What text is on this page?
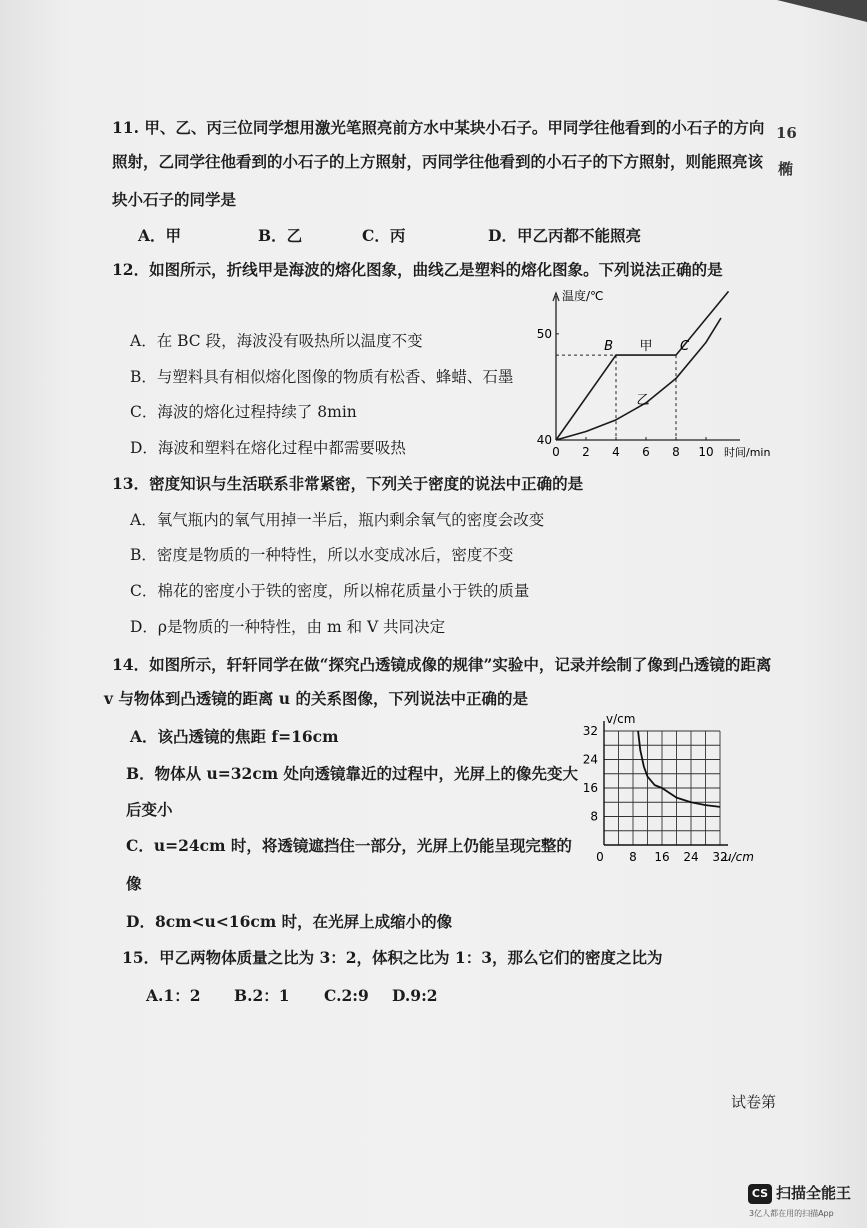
11. 甲、乙、丙三位同学想用激光笔照亮前方水中某块小石子。甲同学往他看到的小石子的方向
照射，乙同学往他看到的小石子的上方照射，丙同学往他看到的小石子的下方照射，则能照亮该
块小石子的同学是
A．甲	B．乙	C．丙	D．甲乙丙都不能照亮
12．如图所示，折线甲是海波的熔化图象，曲线乙是塑料的熔化图象。下列说法正确的是
A．在 BC 段，海波没有吸热所以温度不变
B．与塑料具有相似熔化图像的物质有松香、蜂蜡、石墨
C．海波的熔化过程持续了 8min
D．海波和塑料在熔化过程中都需要吸热
温度/℃
时间/min
0 2 4 6 8 10
40
50
B	C
甲
乙
13．密度知识与生活联系非常紧密，下列关于密度的说法中正确的是
A．氧气瓶内的氧气用掉一半后，瓶内剩余氧气的密度会改变
B．密度是物质的一种特性，所以水变成冰后，密度不变
C．棉花的密度小于铁的密度，所以棉花质量小于铁的质量
D．ρ是物质的一种特性，由 m 和 V 共同决定
14．如图所示，轩轩同学在做“探究凸透镜成像的规律”实验中，记录并绘制了像到凸透镜的距离
v 与物体到凸透镜的距离 u 的关系图像，下列说法中正确的是
A．该凸透镜的焦距 f=16cm
B．物体从 u=32cm 处向透镜靠近的过程中，光屏上的像先变大
后变小
C．u=24cm 时，将透镜遮挡住一部分，光屏上仍能呈现完整的
像
D．8cm<u<16cm 时，在光屏上成缩小的像
v/cm
u/cm
0 8 16 24 32
8
16
24
32
15．甲乙两物体质量之比为 3：2，体积之比为 1：3，那么它们的密度之比为
A.1：2 B.2：1 C.2:9 D.9:2
16
椭
试卷第
CS 扫描全能王
3亿人都在用的扫描App
